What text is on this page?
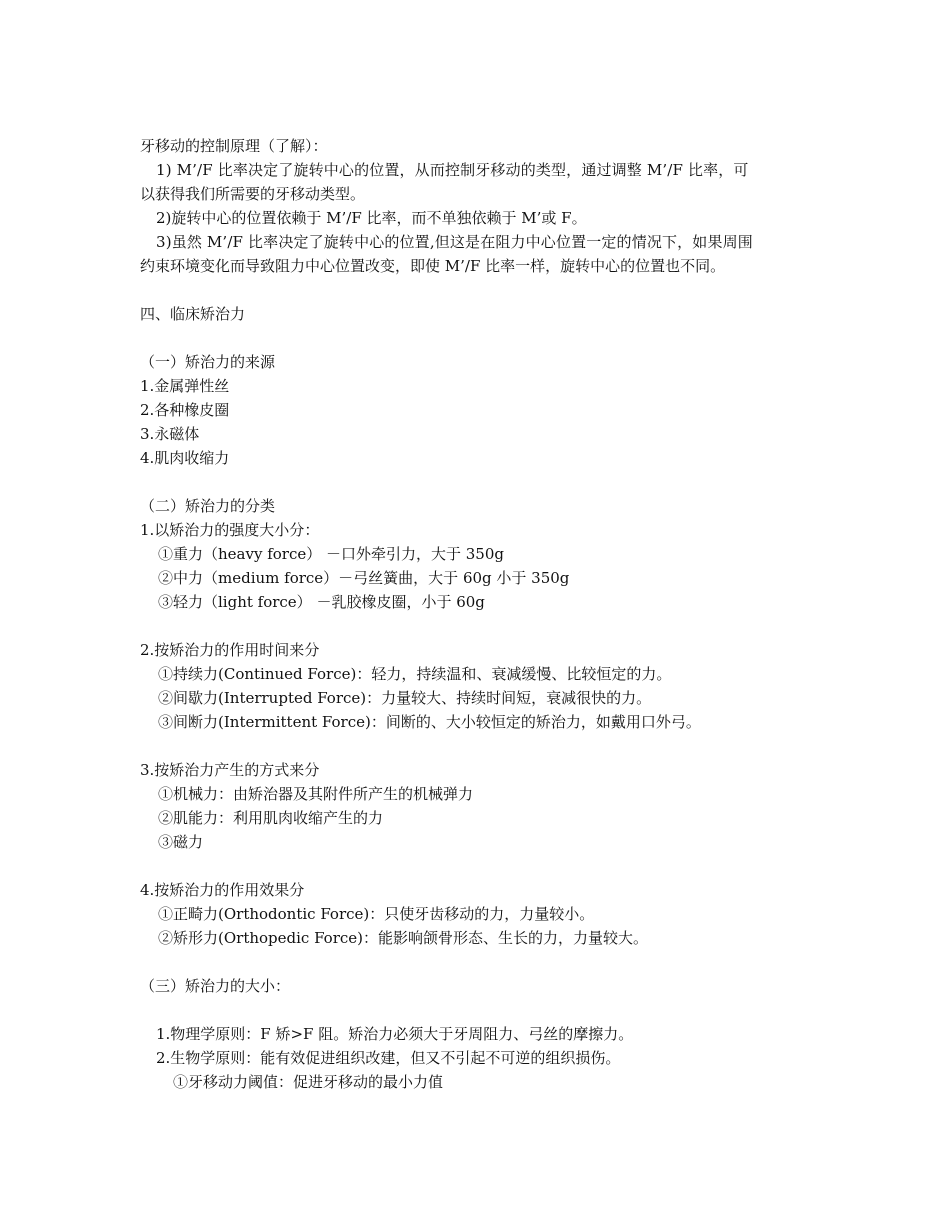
牙移动的控制原理（了解）：
1) M’/F 比率决定了旋转中心的位置，从而控制牙移动的类型，通过调整 M’/F 比率，可
以获得我们所需要的牙移动类型。
2)旋转中心的位置依赖于 M’/F 比率，而不单独依赖于 M’或 F。
3)虽然 M’/F 比率决定了旋转中心的位置,但这是在阻力中心位置一定的情况下，如果周围
约束环境变化而导致阻力中心位置改变，即使 M’/F 比率一样，旋转中心的位置也不同。
四、临床矫治力
（一）矫治力的来源
1.金属弹性丝
2.各种橡皮圈
3.永磁体
4.肌肉收缩力
（二）矫治力的分类
1.以矫治力的强度大小分：
①重力（heavy force） －口外牵引力，大于 350g
②中力（medium force）－弓丝簧曲，大于 60g 小于 350g
③轻力（light force） －乳胶橡皮圈，小于 60g
2.按矫治力的作用时间来分
①持续力(Continued Force)：轻力，持续温和、衰减缓慢、比较恒定的力。
②间歇力(Interrupted Force)：力量较大、持续时间短，衰减很快的力。
③间断力(Intermittent Force)：间断的、大小较恒定的矫治力，如戴用口外弓。
3.按矫治力产生的方式来分
①机械力：由矫治器及其附件所产生的机械弹力
②肌能力：利用肌肉收缩产生的力
③磁力
4.按矫治力的作用效果分
①正畸力(Orthodontic Force)：只使牙齿移动的力，力量较小。
②矫形力(Orthopedic Force)：能影响颌骨形态、生长的力，力量较大。
（三）矫治力的大小：
1.物理学原则：F 矫>F 阻。矫治力必须大于牙周阻力、弓丝的摩擦力。
2.生物学原则：能有效促进组织改建，但又不引起不可逆的组织损伤。
①牙移动力阈值：促进牙移动的最小力值
